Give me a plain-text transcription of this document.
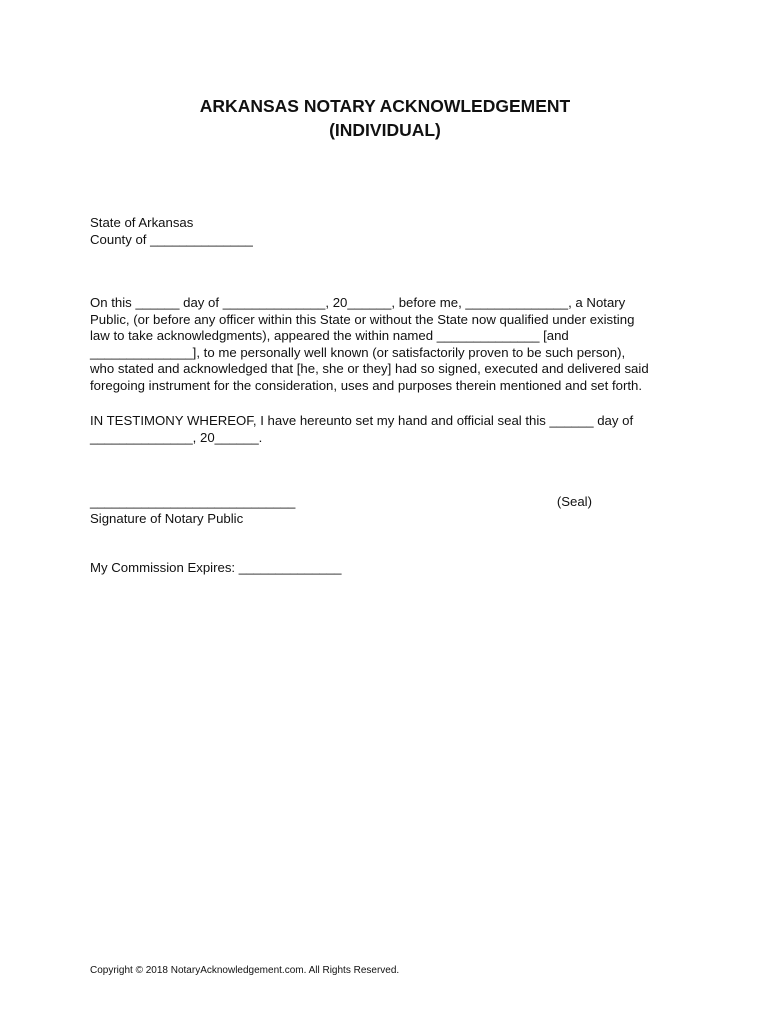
ARKANSAS NOTARY ACKNOWLEDGEMENT
(INDIVIDUAL)
State of Arkansas
County of ______________
On this ______ day of ______________, 20______, before me, ______________, a Notary
Public, (or before any officer within this State or without the State now qualified under existing
law to take acknowledgments), appeared the within named ______________ [and
______________], to me personally well known (or satisfactorily proven to be such person),
who stated and acknowledged that [he, she or they] had so signed, executed and delivered said
foregoing instrument for the consideration, uses and purposes therein mentioned and set forth.
IN TESTIMONY WHEREOF, I have hereunto set my hand and official seal this ______ day of
______________, 20______.
____________________________	(Seal)
Signature of Notary Public
My Commission Expires: ______________

Copyright © 2018 NotaryAcknowledgement.com. All Rights Reserved.
